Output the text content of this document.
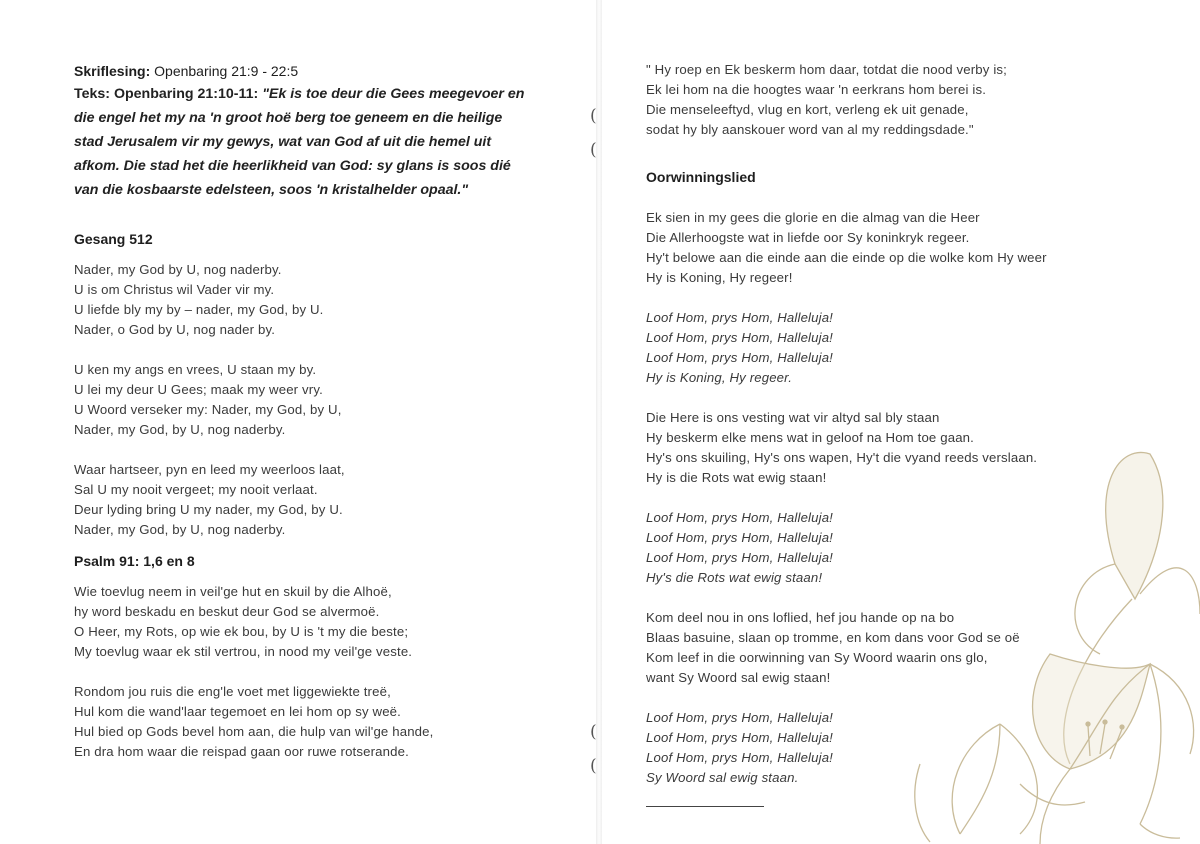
Skriflesing: Openbaring 21:9 - 22:5
Teks: Openbaring 21:10-11: "Ek is toe deur die Gees meegevoer en
die engel het my na 'n groot hoë berg toe geneem en die heilige
stad Jerusalem vir my gewys, wat van God af uit die hemel uit
afkom. Die stad het die heerlikheid van God: sy glans is soos dié
van die kosbaarste edelsteen, soos 'n kristalhelder opaal."
Gesang 512
Nader, my God by U, nog naderby.
U is om Christus wil Vader vir my.
U liefde bly my by – nader, my God, by U.
Nader, o God by U, nog nader by.
U ken my angs en vrees, U staan my by.
U lei my deur U Gees; maak my weer vry.
U Woord verseker my: Nader, my God, by U,
Nader, my God, by U, nog naderby.
Waar hartseer, pyn en leed my weerloos laat,
Sal U my nooit vergeet; my nooit verlaat.
Deur lyding bring U my nader, my God, by U.
Nader, my God, by U, nog naderby.
Psalm 91: 1,6 en 8
Wie toevlug neem in veil'ge hut en skuil by die Alhoë,
hy word beskadu en beskut deur God se alvermoë.
O Heer, my Rots, op wie ek bou, by U is 't my die beste;
My toevlug waar ek stil vertrou, in nood my veil'ge veste.
Rondom jou ruis die eng'le voet met liggewiekte treë,
Hul kom die wand'laar tegemoet en lei hom op sy weë.
Hul bied op Gods bevel hom aan, die hulp van wil'ge hande,
En dra hom waar die reispad gaan oor ruwe rotserande.
(
(
(
(
" Hy roep en Ek beskerm hom daar, totdat die nood verby is;
Ek lei hom na die hoogtes waar 'n eerkrans hom berei is.
Die menseleeftyd, vlug en kort, verleng ek uit genade,
sodat hy bly aanskouer word van al my reddingsdade."
Oorwinningslied
Ek sien in my gees die glorie en die almag van die Heer
Die Allerhoogste wat in liefde oor Sy koninkryk regeer.
Hy't belowe aan die einde aan die einde op die wolke kom Hy weer
Hy is Koning, Hy regeer!
Loof Hom, prys Hom, Halleluja!
Loof Hom, prys Hom, Halleluja!
Loof Hom, prys Hom, Halleluja!
Hy is Koning, Hy regeer.
Die Here is ons vesting wat vir altyd sal bly staan
Hy beskerm elke mens wat in geloof na Hom toe gaan.
Hy's ons skuiling, Hy's ons wapen, Hy't die vyand reeds verslaan.
Hy is die Rots wat ewig staan!
Loof Hom, prys Hom, Halleluja!
Loof Hom, prys Hom, Halleluja!
Loof Hom, prys Hom, Halleluja!
Hy's die Rots wat ewig staan!
Kom deel nou in ons loflied, hef jou hande op na bo
Blaas basuine, slaan op tromme, en kom dans voor God se oë
Kom leef in die oorwinning van Sy Woord waarin ons glo,
want Sy Woord sal ewig staan!
Loof Hom, prys Hom, Halleluja!
Loof Hom, prys Hom, Halleluja!
Loof Hom, prys Hom, Halleluja!
Sy Woord sal ewig staan.
